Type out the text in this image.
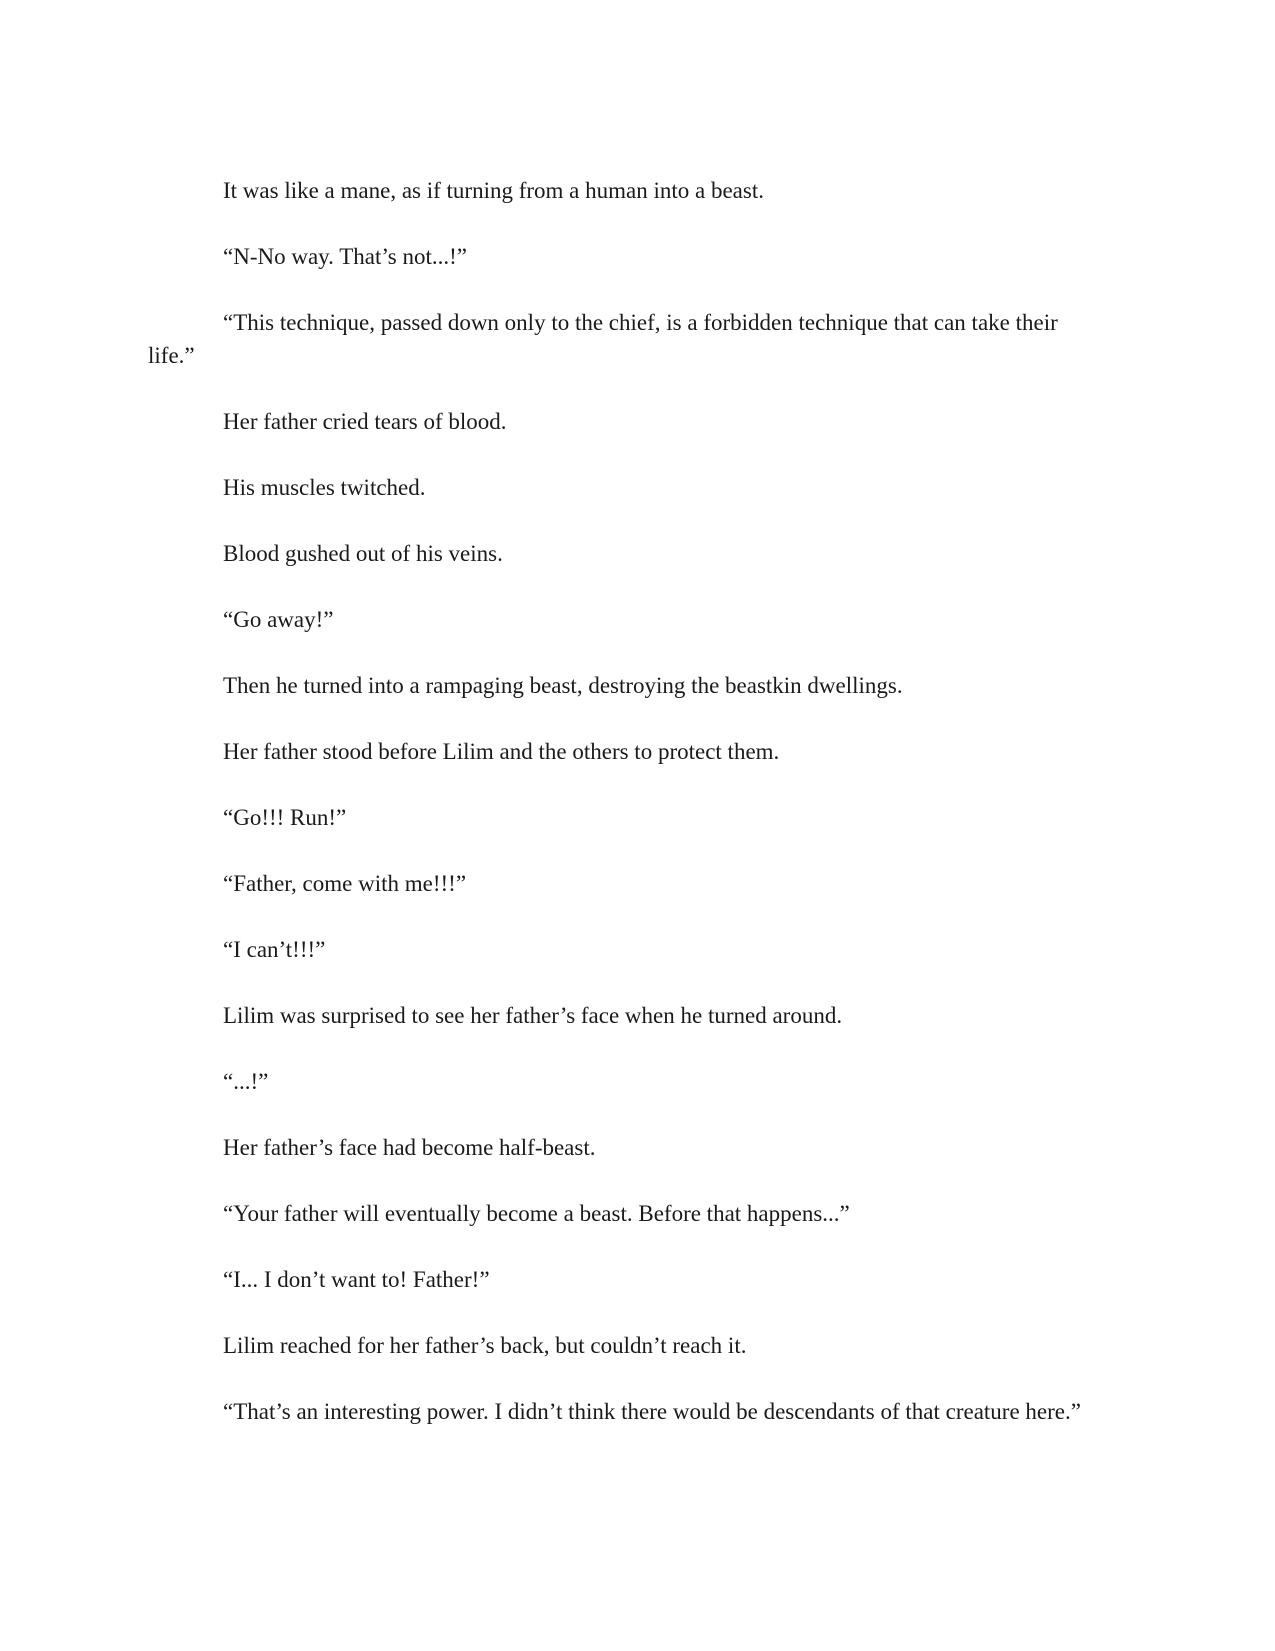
It was like a mane, as if turning from a human into a beast.

“N-No way. That’s not...!”

“This technique, passed down only to the chief, is a forbidden technique that can take their life.”

Her father cried tears of blood.

His muscles twitched.

Blood gushed out of his veins.

“Go away!”

Then he turned into a rampaging beast, destroying the beastkin dwellings.

Her father stood before Lilim and the others to protect them.

“Go!!! Run!”

“Father, come with me!!!”

“I can’t!!!”

Lilim was surprised to see her father’s face when he turned around.

“...!”

Her father’s face had become half-beast.

“Your father will eventually become a beast. Before that happens...”

“I... I don’t want to! Father!”

Lilim reached for her father’s back, but couldn’t reach it.

“That’s an interesting power. I didn’t think there would be descendants of that creature here.”
